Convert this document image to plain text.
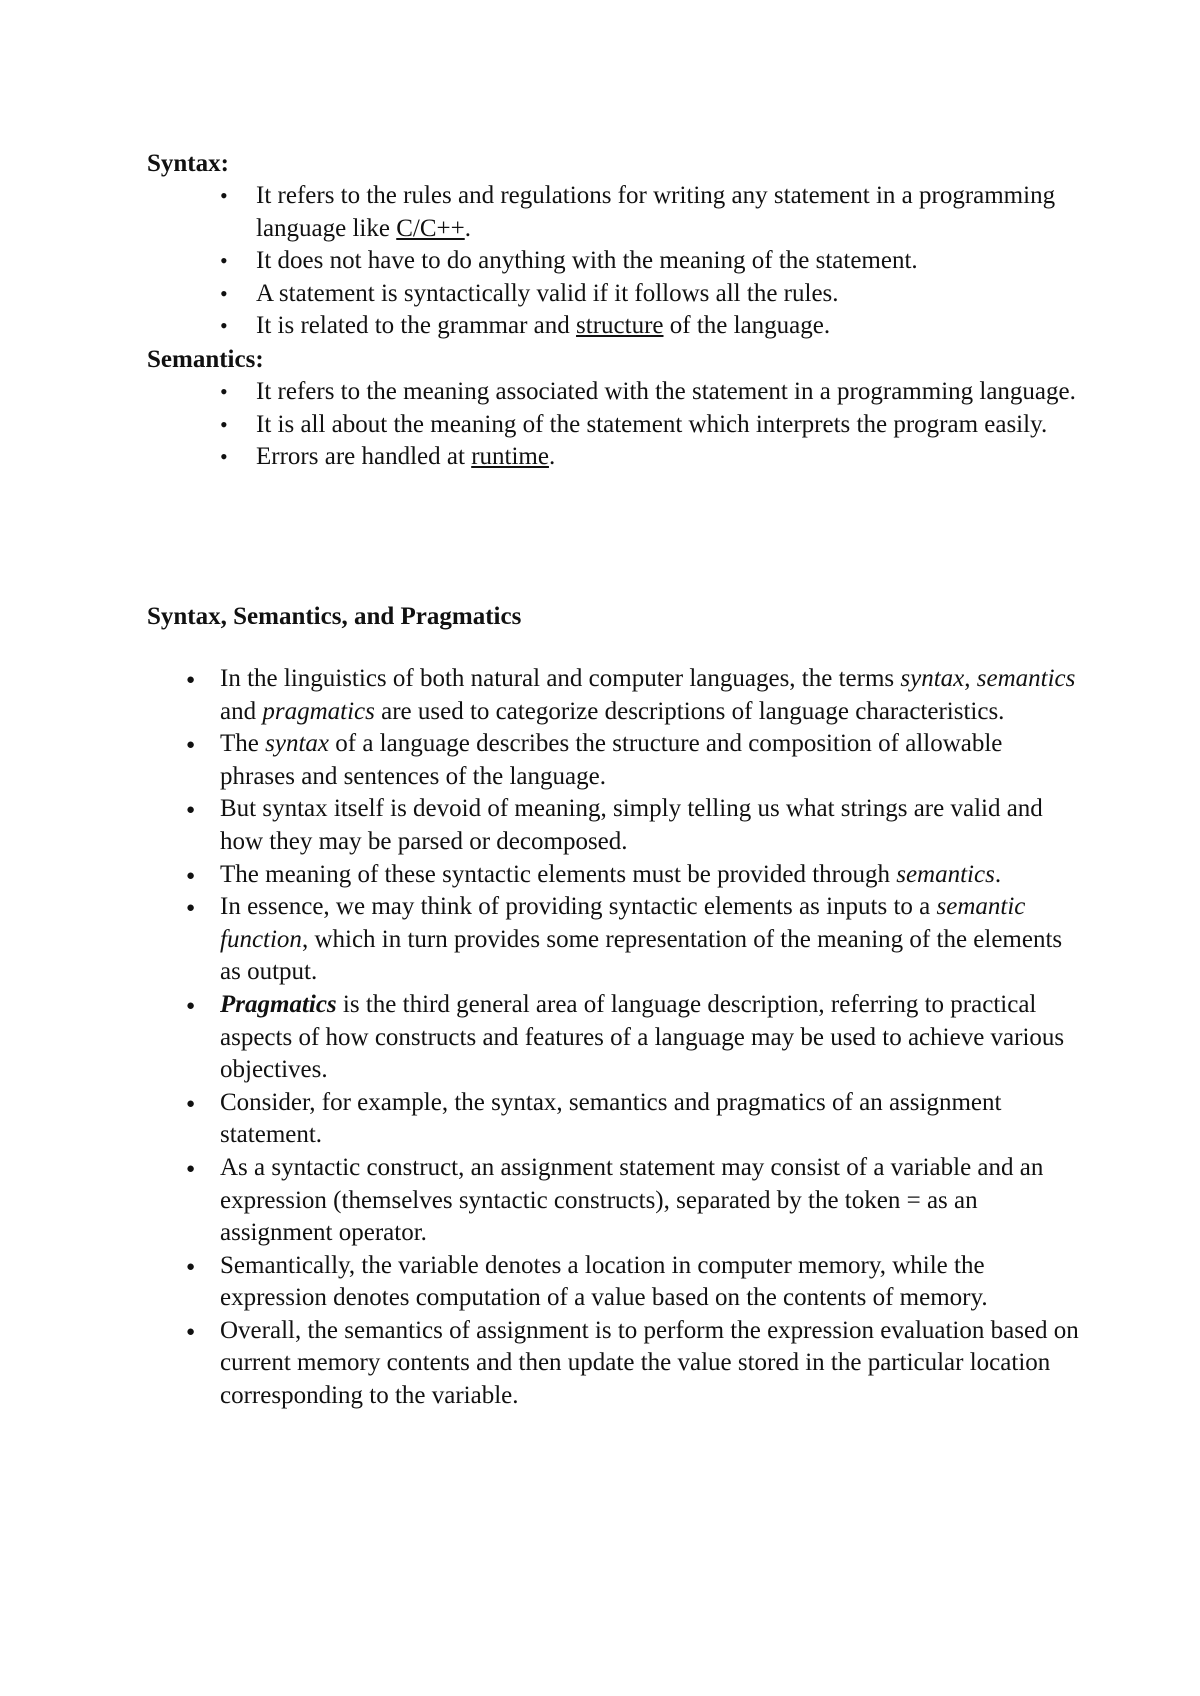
Syntax:
• It refers to the rules and regulations for writing any statement in a programming language like C/C++.
• It does not have to do anything with the meaning of the statement.
• A statement is syntactically valid if it follows all the rules.
• It is related to the grammar and structure of the language.
Semantics:
• It refers to the meaning associated with the statement in a programming language.
• It is all about the meaning of the statement which interprets the program easily.
• Errors are handled at runtime.
Syntax, Semantics, and Pragmatics
● In the linguistics of both natural and computer languages, the terms syntax, semantics and pragmatics are used to categorize descriptions of language characteristics.
● The syntax of a language describes the structure and composition of allowable phrases and sentences of the language.
● But syntax itself is devoid of meaning, simply telling us what strings are valid and how they may be parsed or decomposed.
● The meaning of these syntactic elements must be provided through semantics.
● In essence, we may think of providing syntactic elements as inputs to a semantic function, which in turn provides some representation of the meaning of the elements as output.
● Pragmatics is the third general area of language description, referring to practical aspects of how constructs and features of a language may be used to achieve various objectives.
● Consider, for example, the syntax, semantics and pragmatics of an assignment statement.
● As a syntactic construct, an assignment statement may consist of a variable and an expression (themselves syntactic constructs), separated by the token = as an assignment operator.
● Semantically, the variable denotes a location in computer memory, while the expression denotes computation of a value based on the contents of memory.
● Overall, the semantics of assignment is to perform the expression evaluation based on current memory contents and then update the value stored in the particular location corresponding to the variable.
